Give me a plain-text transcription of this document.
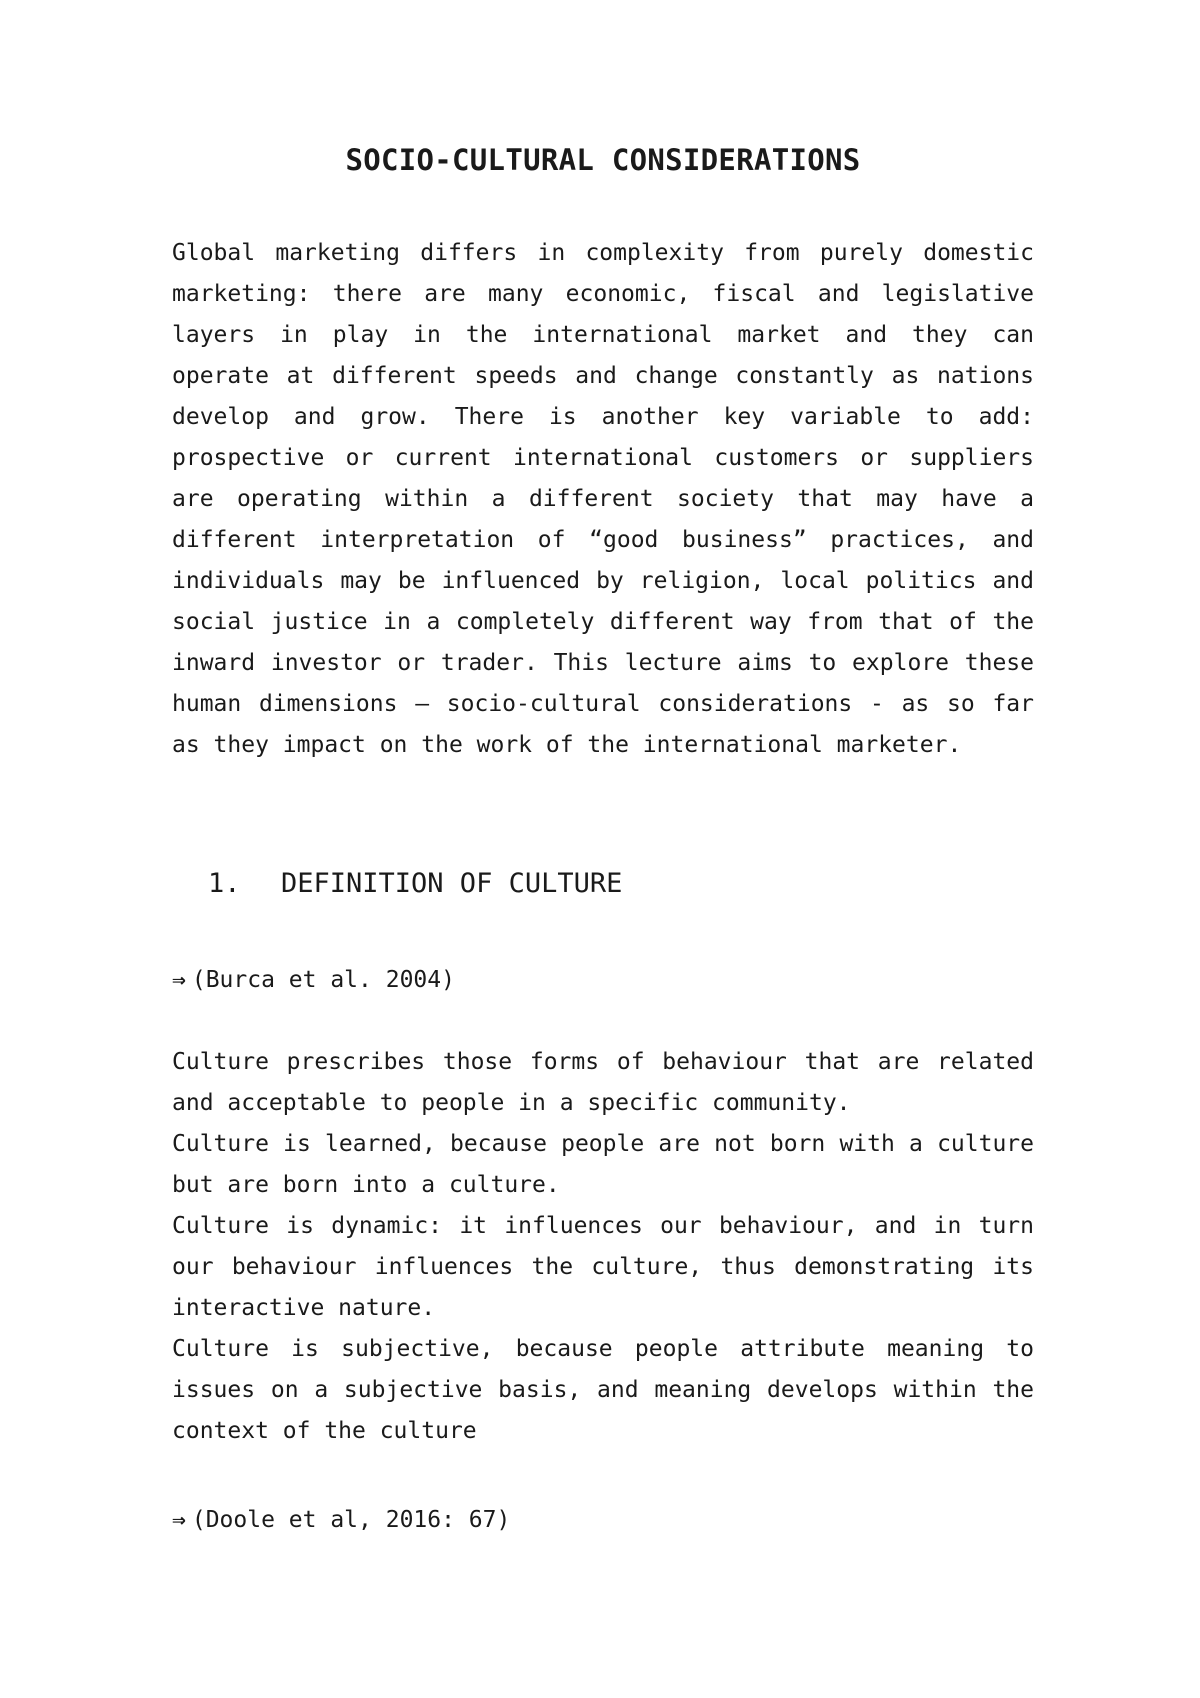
SOCIO-CULTURAL CONSIDERATIONS

Global marketing differs in complexity from purely domestic marketing: there are many economic, fiscal and legislative layers in play in the international market and they can operate at different speeds and change constantly as nations develop and grow. There is another key variable to add: prospective or current international customers or suppliers are operating within a different society that may have a different interpretation of “good business” practices, and individuals may be influenced by religion, local politics and social justice in a completely different way from that of the inward investor or trader. This lecture aims to explore these human dimensions – socio-cultural considerations - as so far as they impact on the work of the international marketer.

1. DEFINITION OF CULTURE

⇒ (Burca et al. 2004)

Culture prescribes those forms of behaviour that are related and acceptable to people in a specific community.

Culture is learned, because people are not born with a culture but are born into a culture.

Culture is dynamic: it influences our behaviour, and in turn our behaviour influences the culture, thus demonstrating its interactive nature.

Culture is subjective, because people attribute meaning to issues on a subjective basis, and meaning develops within the context of the culture

⇒ (Doole et al, 2016: 67)
